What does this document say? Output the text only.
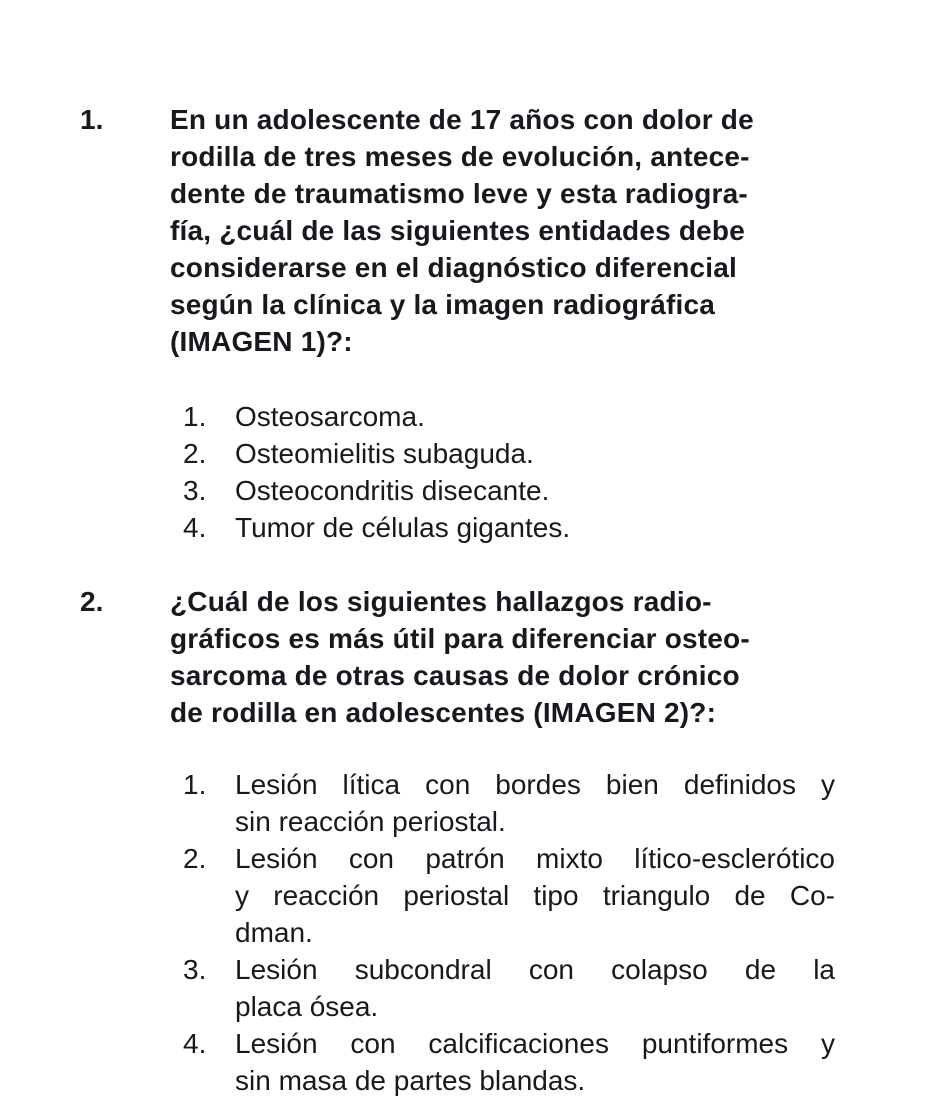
1.	En un adolescente de 17 años con dolor de
rodilla de tres meses de evolución, antece-
dente de traumatismo leve y esta radiogra-
fía, ¿cuál de las siguientes entidades debe
considerarse en el diagnóstico diferencial
según la clínica y la imagen radiográfica
(IMAGEN 1)?:
1.	Osteosarcoma.
2.	Osteomielitis subaguda.
3.	Osteocondritis disecante.
4.	Tumor de células gigantes.
2.	¿Cuál de los siguientes hallazgos radio-
gráficos es más útil para diferenciar osteo-
sarcoma de otras causas de dolor crónico
de rodilla en adolescentes (IMAGEN 2)?:
1.	Lesión lítica con bordes bien definidos y
sin reacción periostal.
2.	Lesión con patrón mixto lítico-esclerótico
y reacción periostal tipo triangulo de Co-
dman.
3.	Lesión subcondral con colapso de la
placa ósea.
4.	Lesión con calcificaciones puntiformes y
sin masa de partes blandas.
